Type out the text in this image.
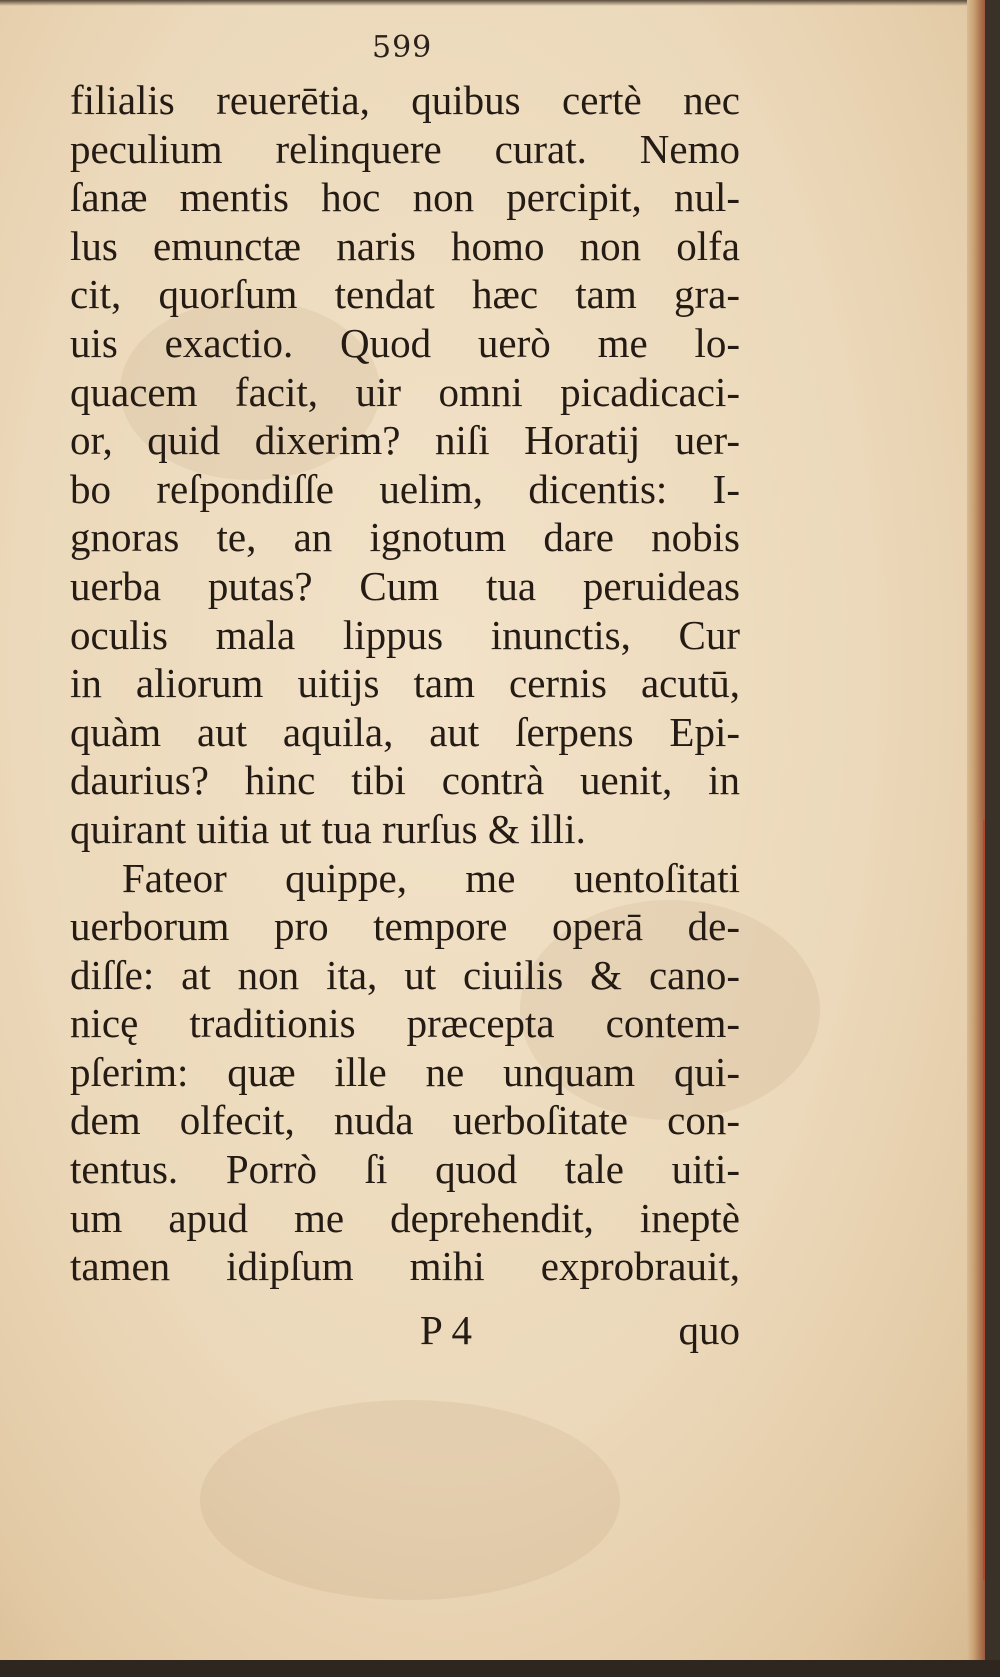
599
filialis reuerētia, quibus certè nec
peculium relinquere curat. Nemo
ſanæ mentis hoc non percipit, nul-
lus emunctæ naris homo non olfa
cit, quorſum tendat hæc tam gra-
uis exactio. Quod uerò me lo-
quacem facit, uir omni picadicaci-
or, quid dixerim? niſi Horatij uer-
bo reſpondiſſe uelim, dicentis: I-
gnoras te, an ignotum dare nobis
uerba putas? Cum tua peruideas
oculis mala lippus inunctis, Cur
in aliorum uitijs tam cernis acutū,
quàm aut aquila, aut ſerpens Epi-
daurius? hinc tibi contrà uenit, in
quirant uitia ut tua rurſus & illi.
Fateor quippe, me uentoſitati
uerborum pro tempore operā de-
diſſe: at non ita, ut ciuilis & cano-
nicę traditionis præcepta contem-
pſerim: quæ ille ne unquam qui-
dem olfecit, nuda uerboſitate con-
tentus. Porrò ſi quod tale uiti-
um apud me deprehendit, ineptè
tamen idipſum mihi exprobrauit,
P 4	quo
